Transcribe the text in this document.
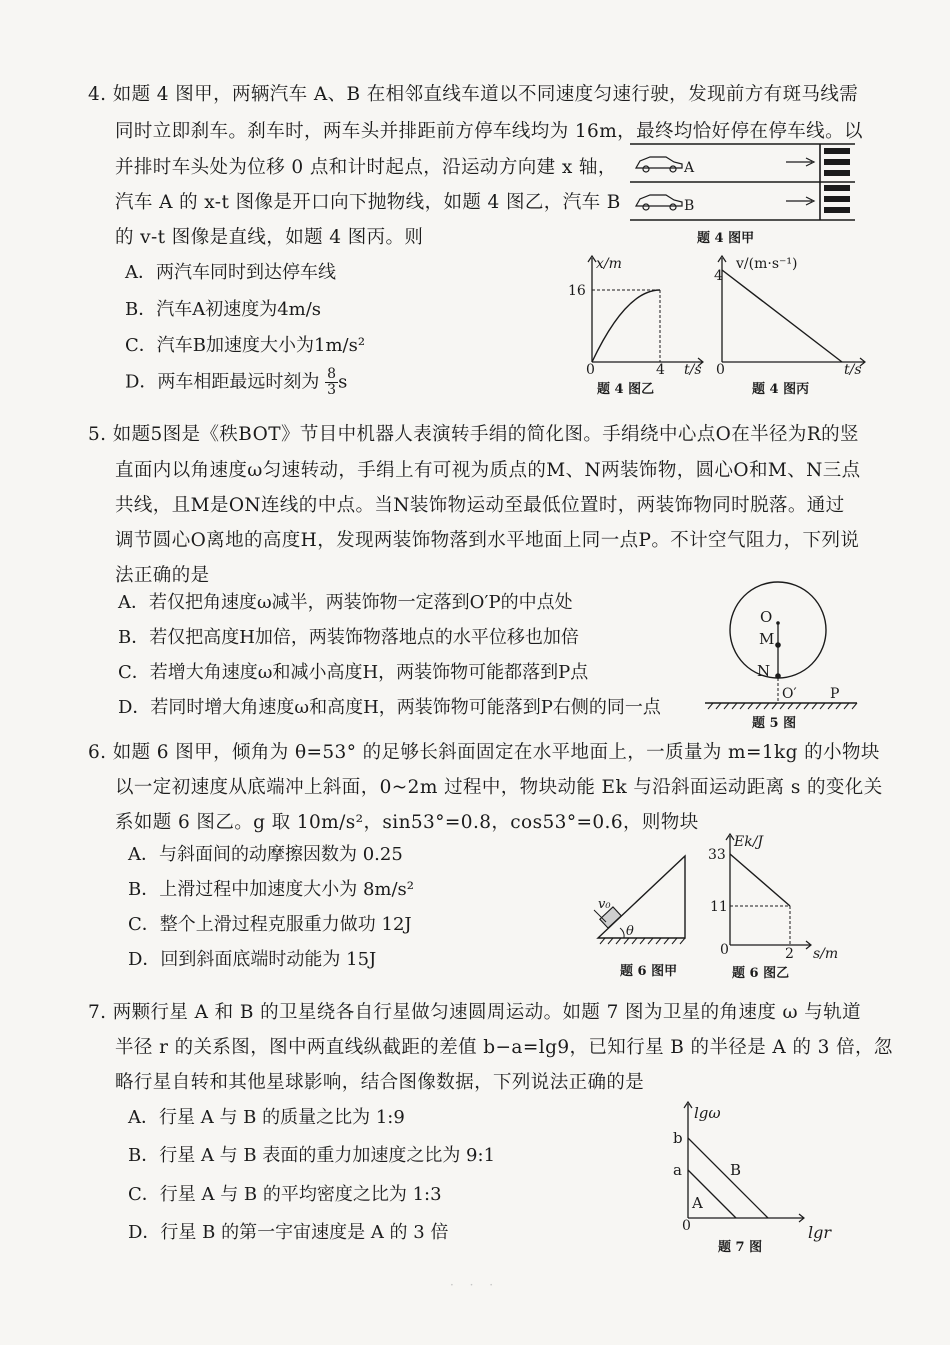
4. 如题 4 图甲，两辆汽车 A、B 在相邻直线车道以不同速度匀速行驶，发现前方有斑马线需
同时立即刹车。刹车时，两车头并排距前方停车线均为 16m，最终均恰好停在停车线。以
并排时车头处为位移 0 点和计时起点，沿运动方向建 x 轴，
汽车 A 的 x-t 图像是开口向下抛物线，如题 4 图乙，汽车 B
的 v-t 图像是直线，如题 4 图丙。则
A．两汽车同时到达停车线
B．汽车A初速度为4m/s
C．汽车B加速度大小为1m/s²
D．两车相距最远时刻为 $\frac{8}{3}$ s
A
B
题 4 图甲
x/m
16
0	4 t/s
题 4 图乙
v/(m·s⁻¹)
4
0	t/s
题 4 图丙
5. 如题5图是《秩BOT》节目中机器人表演转手绢的简化图。手绢绕中心点O在半径为R的竖
直面内以角速度ω匀速转动，手绢上有可视为质点的M、N两装饰物，圆心O和M、N三点
共线，且M是ON连线的中点。当N装饰物运动至最低位置时，两装饰物同时脱落。通过
调节圆心O离地的高度H，发现两装饰物落到水平地面上同一点P。不计空气阻力，下列说
法正确的是
A．若仅把角速度ω减半，两装饰物一定落到O′P的中点处
B．若仅把高度H加倍，两装饰物落地点的水平位移也加倍
C．若增大角速度ω和减小高度H，两装饰物可能都落到P点
D．若同时增大角速度ω和高度H，两装饰物可能落到P右侧的同一点
O
M
N
O′ P
题 5 图
6. 如题 6 图甲，倾角为 θ=53° 的足够长斜面固定在水平地面上，一质量为 m=1kg 的小物块
以一定初速度从底端冲上斜面，0~2m 过程中，物块动能 Ek 与沿斜面运动距离 s 的变化关
系如题 6 图乙。g 取 10m/s²，sin53°=0.8，cos53°=0.6，则物块
A．与斜面间的动摩擦因数为 0.25
B．上滑过程中加速度大小为 8m/s²
C．整个上滑过程克服重力做功 12J
D．回到斜面底端时动能为 15J
v₀
θ
题 6 图甲
Ek/J
33
11
0	2 s/m
题 6 图乙
7. 两颗行星 A 和 B 的卫星绕各自行星做匀速圆周运动。如题 7 图为卫星的角速度 ω 与轨道
半径 r 的关系图，图中两直线纵截距的差值 b−a=lg9，已知行星 B 的半径是 A 的 3 倍，忽
略行星自转和其他星球影响，结合图像数据，下列说法正确的是
A．行星 A 与 B 的质量之比为 1:9
B．行星 A 与 B 表面的重力加速度之比为 9:1
C．行星 A 与 B 的平均密度之比为 1:3
D．行星 B 的第一宇宙速度是 A 的 3 倍
lgω
b
a
0
B
A
lgr
题 7 图
· · ·
